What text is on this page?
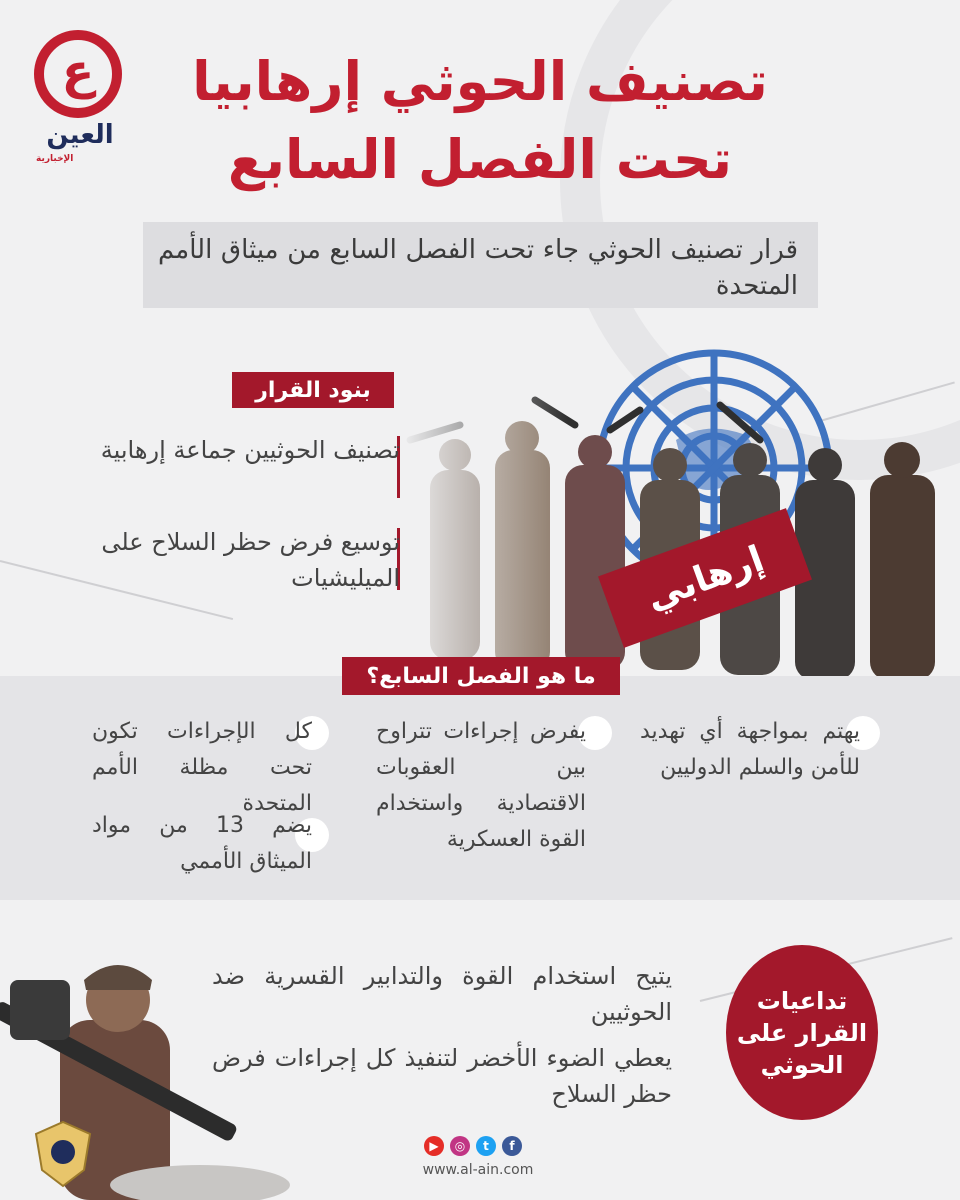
ع
العين
الإخبارية
تصنيف الحوثي إرهابيا
تحت الفصل السابع
قرار تصنيف الحوثي جاء تحت الفصل السابع من ميثاق الأمم المتحدة
إرهابي
بنود القرار
تصنيف الحوثيين جماعة إرهابية
توسيع فرض حظر السلاح على الميليشيات
ما هو الفصل السابع؟
يهتم بمواجهة أي تهديد للأمن والسلم الدوليين
يفرض إجراءات تتراوح بين العقوبات الاقتصادية واستخدام القوة العسكرية
كل الإجراءات تكون تحت مظلة الأمم المتحدة
يضم 13 من مواد الميثاق الأممي
تداعيات القرار على الحوثي
يتيح استخدام القوة والتدابير القسرية ضد الحوثيين
يعطي الضوء الأخضر لتنفيذ كل إجراءات فرض حظر السلاح
▶	◎	t	f
www.al-ain.com
